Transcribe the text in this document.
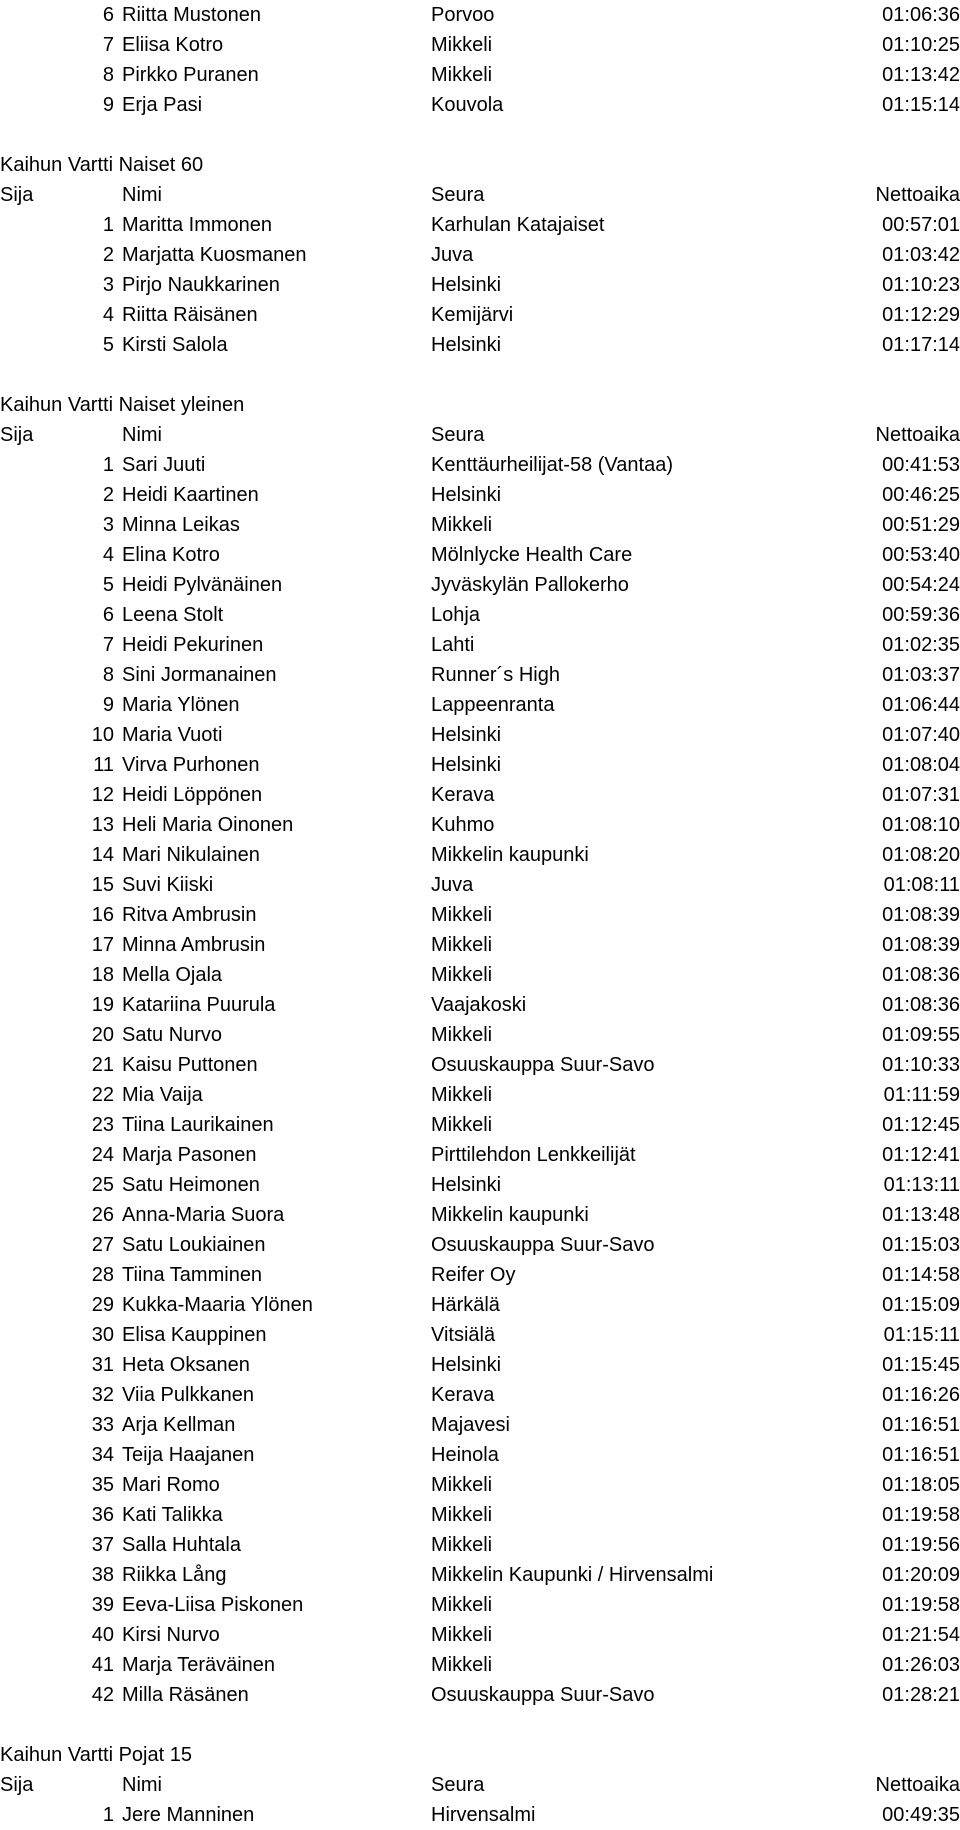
6 Riitta Mustonen	Porvoo	01:06:36
7 Eliisa Kotro	Mikkeli	01:10:25
8 Pirkko Puranen	Mikkeli	01:13:42
9 Erja Pasi	Kouvola	01:15:14
Kaihun Vartti Naiset 60
Sija	Nimi	Seura	Nettoaika
1 Maritta Immonen	Karhulan Katajaiset	00:57:01
2 Marjatta Kuosmanen	Juva	01:03:42
3 Pirjo Naukkarinen	Helsinki	01:10:23
4 Riitta Räisänen	Kemijärvi	01:12:29
5 Kirsti Salola	Helsinki	01:17:14
Kaihun Vartti Naiset yleinen
Sija	Nimi	Seura	Nettoaika
1 Sari Juuti	Kenttäurheilijat-58 (Vantaa)	00:41:53
2 Heidi Kaartinen	Helsinki	00:46:25
3 Minna Leikas	Mikkeli	00:51:29
4 Elina Kotro	Mölnlycke Health Care	00:53:40
5 Heidi Pylvänäinen	Jyväskylän Pallokerho	00:54:24
6 Leena Stolt	Lohja	00:59:36
7 Heidi Pekurinen	Lahti	01:02:35
8 Sini Jormanainen	Runner´s High	01:03:37
9 Maria Ylönen	Lappeenranta	01:06:44
10 Maria Vuoti	Helsinki	01:07:40
11 Virva Purhonen	Helsinki	01:08:04
12 Heidi Löppönen	Kerava	01:07:31
13 Heli Maria Oinonen	Kuhmo	01:08:10
14 Mari Nikulainen	Mikkelin kaupunki	01:08:20
15 Suvi Kiiski	Juva	01:08:11
16 Ritva Ambrusin	Mikkeli	01:08:39
17 Minna Ambrusin	Mikkeli	01:08:39
18 Mella Ojala	Mikkeli	01:08:36
19 Katariina Puurula	Vaajakoski	01:08:36
20 Satu Nurvo	Mikkeli	01:09:55
21 Kaisu Puttonen	Osuuskauppa Suur-Savo	01:10:33
22 Mia Vaija	Mikkeli	01:11:59
23 Tiina Laurikainen	Mikkeli	01:12:45
24 Marja Pasonen	Pirttilehdon Lenkkeilijät	01:12:41
25 Satu Heimonen	Helsinki	01:13:11
26 Anna-Maria Suora	Mikkelin kaupunki	01:13:48
27 Satu Loukiainen	Osuuskauppa Suur-Savo	01:15:03
28 Tiina Tamminen	Reifer Oy	01:14:58
29 Kukka-Maaria Ylönen	Härkälä	01:15:09
30 Elisa Kauppinen	Vitsiälä	01:15:11
31 Heta Oksanen	Helsinki	01:15:45
32 Viia Pulkkanen	Kerava	01:16:26
33 Arja Kellman	Majavesi	01:16:51
34 Teija Haajanen	Heinola	01:16:51
35 Mari Romo	Mikkeli	01:18:05
36 Kati Talikka	Mikkeli	01:19:58
37 Salla Huhtala	Mikkeli	01:19:56
38 Riikka Lång	Mikkelin Kaupunki / Hirvensalmi	01:20:09
39 Eeva-Liisa Piskonen	Mikkeli	01:19:58
40 Kirsi Nurvo	Mikkeli	01:21:54
41 Marja Teräväinen	Mikkeli	01:26:03
42 Milla Räsänen	Osuuskauppa Suur-Savo	01:28:21
Kaihun Vartti Pojat 15
Sija	Nimi	Seura	Nettoaika
1 Jere Manninen	Hirvensalmi	00:49:35
